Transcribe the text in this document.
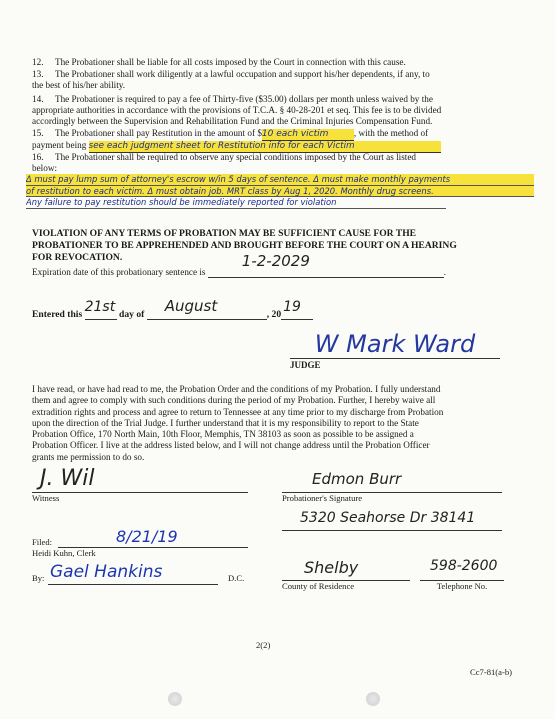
12.     The Probationer shall be liable for all costs imposed by the Court in connection with this cause.
13.     The Probationer shall work diligently at a lawful occupation and support his/her dependents, if any, to
the best of his/her ability.
14.     The Probationer is required to pay a fee of Thirty-five ($35.00) dollars per month unless waived by the
appropriate authorities in accordance with the provisions of T.C.A. § 40-28-201 et seq. This fee is to be divided
accordingly between the Supervision and Rehabilitation Fund and the Criminal Injuries Compensation Fund.
15.     The Probationer shall pay Restitution in the amount of $10 each victim	, with the method of
payment being see each judgment sheet for Restitution info for each Victim
16.     The Probationer shall be required to observe any special conditions imposed by the Court as listed
below:
Δ must pay lump sum of attorney's escrow w/in 5 days of sentence. Δ must make monthly payments
of restitution to each victim. Δ must obtain job. MRT class by Aug 1, 2020. Monthly drug screens.
Any failure to pay restitution should be immediately reported for violation
VIOLATION OF ANY TERMS OF PROBATION MAY BE SUFFICIENT CAUSE FOR THE
PROBATIONER TO BE APPREHENDED AND BROUGHT BEFORE THE COURT ON A HEARING
FOR REVOCATION.
Expiration date of this probationary sentence is
1-2-2029
.
Entered this 21st day of August	, 20 19
W Mark Ward
JUDGE
I have read, or have had read to me, the Probation Order and the conditions of my Probation. I fully understand
them and agree to comply with such conditions during the period of my Probation. Further, I hereby waive all
extradition rights and process and agree to return to Tennessee at any time prior to my discharge from Probation
upon the direction of the Trial Judge. I further understand that it is my responsibility to report to the State
Probation Office, 170 North Main, 10th Floor, Memphis, TN 38103 as soon as possible to be assigned a
Probation Officer. I live at the address listed below, and I will not change address until the Probation Officer
grants me permission to do so.
J. Wil
Witness
Edmon Burr
Probationer's Signature
5320 Seahorse Dr 38141
Filed:	8/21/19
Heidi Kuhn, Clerk
By: Gael Hankins	D.C.
Shelby
County of Residence
598-2600
Telephone No.
2(2)
Cc7-81(a-b)
